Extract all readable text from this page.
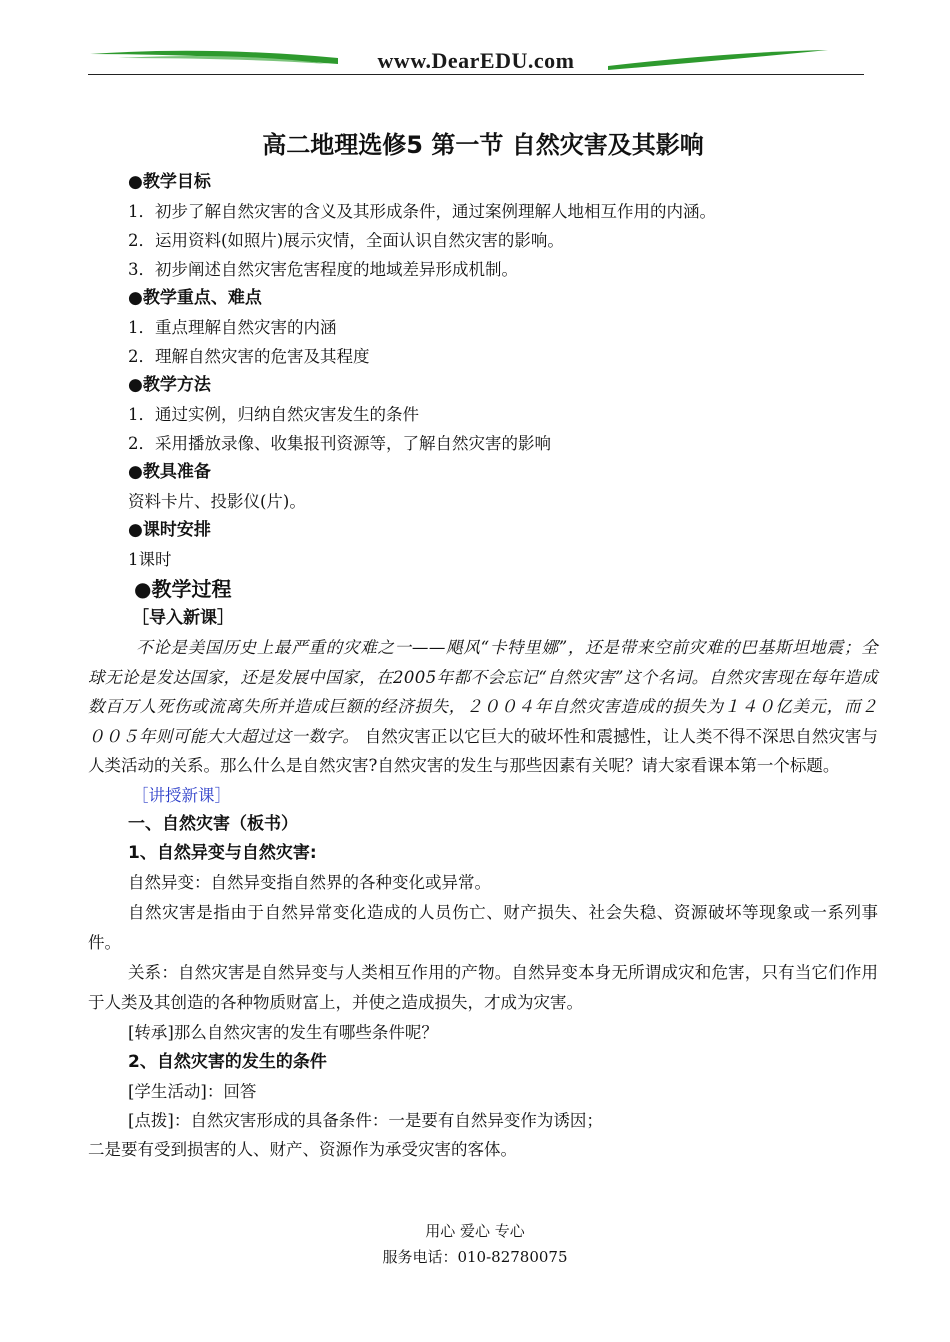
www.DearEDU.com
高二地理选修5 第一节 自然灾害及其影响

●教学目标

1．初步了解自然灾害的含义及其形成条件，通过案例理解人地相互作用的内涵。

2．运用资料(如照片)展示灾情，全面认识自然灾害的影响。

3．初步阐述自然灾害危害程度的地域差异形成机制。

●教学重点、难点

1．重点理解自然灾害的内涵

2．理解自然灾害的危害及其程度

●教学方法

1．通过实例，归纳自然灾害发生的条件

2．采用播放录像、收集报刊资源等，了解自然灾害的影响

●教具准备

资料卡片、投影仪(片)。

●课时安排

1课时

●教学过程

［导入新课］

不论是美国历史上最严重的灾难之一——飓风“卡特里娜”，还是带来空前灾难的巴基斯坦地震；全球无论是发达国家，还是发展中国家，在2005年都不会忘记“自然灾害”这个名词。自然灾害现在每年造成数百万人死伤或流离失所并造成巨额的经济损失，２００４年自然灾害造成的损失为１４０亿美元，而２００５年则可能大大超过这一数字。 自然灾害正以它巨大的破坏性和震撼性，让人类不得不深思自然灾害与人类活动的关系。那么什么是自然灾害?自然灾害的发生与那些因素有关呢？请大家看课本第一个标题。

［讲授新课］

一、自然灾害（板书）

1、自然异变与自然灾害:

自然异变：自然异变指自然界的各种变化或异常。

自然灾害是指由于自然异常变化造成的人员伤亡、财产损失、社会失稳、资源破坏等现象或一系列事件。

关系：自然灾害是自然异变与人类相互作用的产物。自然异变本身无所谓成灾和危害，只有当它们作用于人类及其创造的各种物质财富上，并使之造成损失，才成为灾害。

[转承]那么自然灾害的发生有哪些条件呢？

2、自然灾害的发生的条件

[学生活动]：回答

[点拨]：自然灾害形成的具备条件：一是要有自然异变作为诱因；

二是要有受到损害的人、财产、资源作为承受灾害的客体。

用心 爱心 专心
服务电话：010-82780075
